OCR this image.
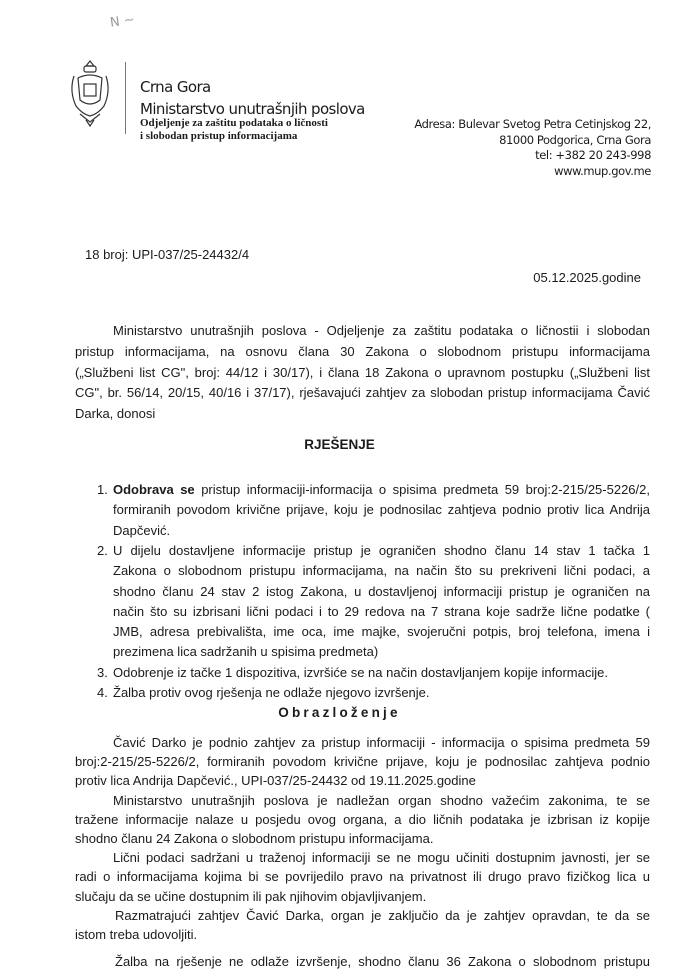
N ~
Crna Gora
Ministarstvo unutrašnjih poslova
Odjeljenje za zaštitu podataka o ličnosti
i slobodan pristup informacijama
Adresa: Bulevar Svetog Petra Cetinjskog 22,
81000 Podgorica, Crna Gora
tel: +382 20 243-998
www.mup.gov.me
18 broj: UPI-037/25-24432/4
05.12.2025.godine
Ministarstvo unutrašnjih poslova - Odjeljenje za zaštitu podataka o ličnostii i slobodan
pristup informacijama, na osnovu člana 30 Zakona o slobodnom pristupu informacijama
(„Službeni list CG", broj: 44/12 i 30/17), i člana 18 Zakona o upravnom postupku („Službeni list
CG", br. 56/14, 20/15, 40/16 i 37/17), rješavajući zahtjev za slobodan pristup informacijama Čavić
Darka, donosi
RJEŠENJE
1. Odobrava se pristup informaciji-informacija o spisima predmeta 59 broj:2-215/25-5226/2,
formiranih povodom krivične prijave, koju je podnosilac zahtjeva podnio protiv lica Andrija
Dapčević.
2. U dijelu dostavljene informacije pristup je ograničen shodno članu 14 stav 1 tačka 1
Zakona o slobodnom pristupu informacijama, na način što su prekriveni lični podaci, a
shodno članu 24 stav 2 istog Zakona, u dostavljenoj informaciji pristup je ograničen na
način što su izbrisani lični podaci i to 29 redova na 7 strana koje sadrže lične podatke (
JMB, adresa prebivališta, ime oca, ime majke, svojeručni potpis, broj telefona, imena i
prezimena lica sadržanih u spisima predmeta)
3. Odobrenje iz tačke 1 dispozitiva, izvršiće se na način dostavljanjem kopije informacije.
4. Žalba protiv ovog rješenja ne odlaže njegovo izvršenje.
Obrazloženje
Čavić Darko je podnio zahtjev za pristup informaciji - informacija o spisima predmeta 59
broj:2-215/25-5226/2, formiranih povodom krivične prijave, koju je podnosilac zahtjeva podnio
protiv lica Andrija Dapčević., UPI-037/25-24432 od 19.11.2025.godine
Ministarstvo unutrašnjih poslova je nadležan organ shodno važećim zakonima, te se
tražene informacije nalaze u posjedu ovog organa, a dio ličnih podataka je izbrisan iz kopije
shodno članu 24 Zakona o slobodnom pristupu informacijama.
Lični podaci sadržani u traženoj informaciji se ne mogu učiniti dostupnim javnosti, jer se
radi o informacijama kojima bi se povrijedilo pravo na privatnost ili drugo pravo fizičkog lica u
slučaju da se učine dostupnim ili pak njihovim objavljivanjem.
Razmatrajući zahtjev Čavić Darka, organ je zaključio da je zahtjev opravdan, te da se
istom treba udovoljiti.
Žalba na rješenje ne odlaže izvršenje, shodno članu 36 Zakona o slobodnom pristupu
